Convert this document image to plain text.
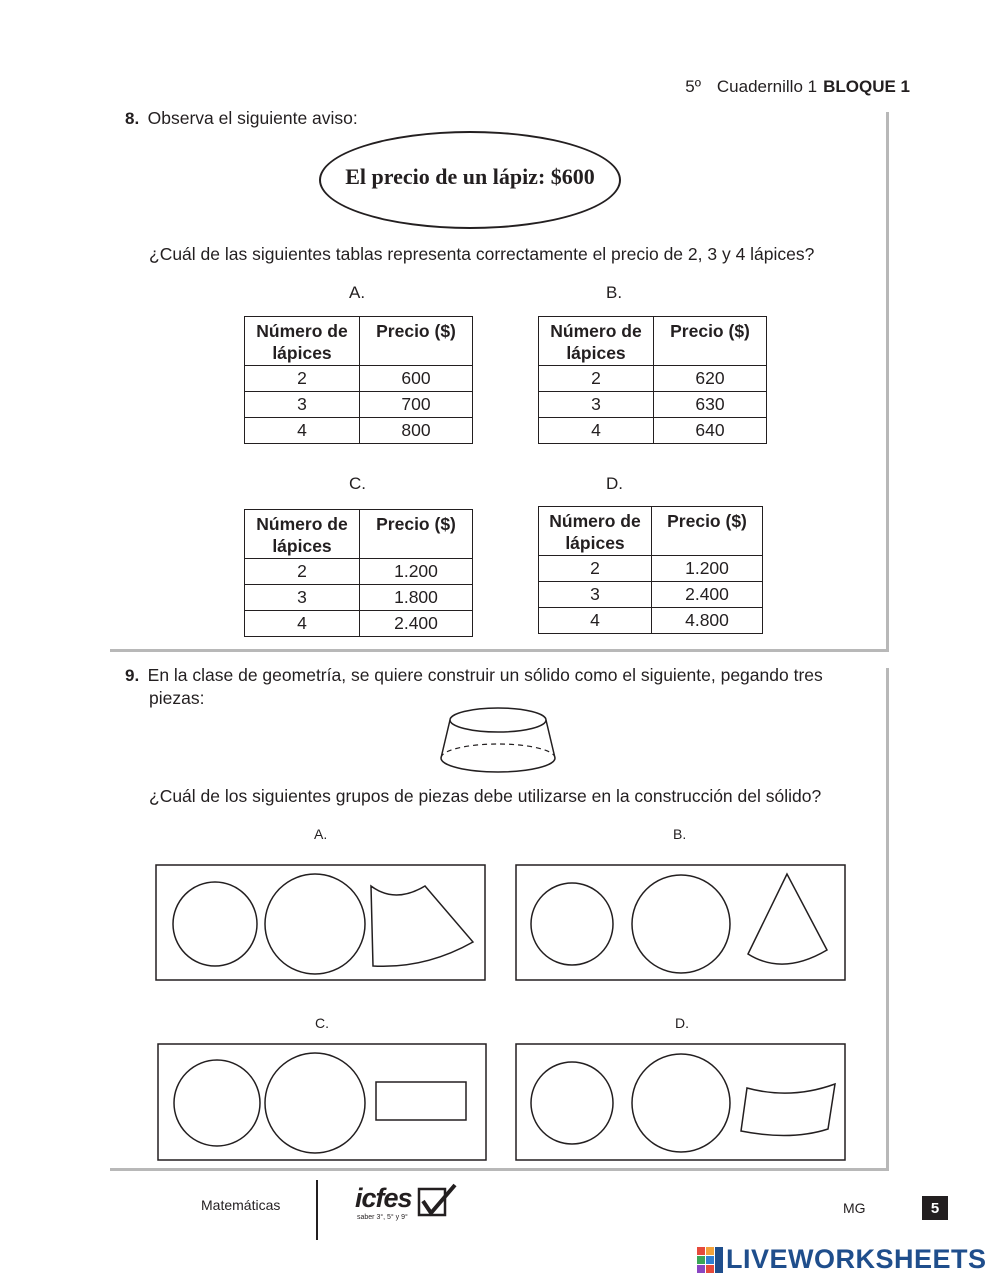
5º Cuadernillo 1 BLOQUE 1
8. Observa el siguiente aviso:
El precio de un lápiz: $600
¿Cuál de las siguientes tablas representa correctamente el precio de 2, 3 y 4 lápices?
A.	B.
C.	D.
Número de
lápices	Precio ($)
2	600
3	700
4	800
Número de
lápices	Precio ($)
2	620
3	630
4	640
Número de
lápices	Precio ($)
2	1.200
3	1.800
4	2.400
Número de
lápices	Precio ($)
2	1.200
3	2.400
4	4.800
9. En la clase de geometría, se quiere construir un sólido como el siguiente, pegando tres
piezas:
¿Cuál de los siguientes grupos de piezas debe utilizarse en la construcción del sólido?
A.	B.
C.	D.
Matemáticas	icfes
saber 3°, 5° y 9°
MG	5
LIVEWORKSHEETS
